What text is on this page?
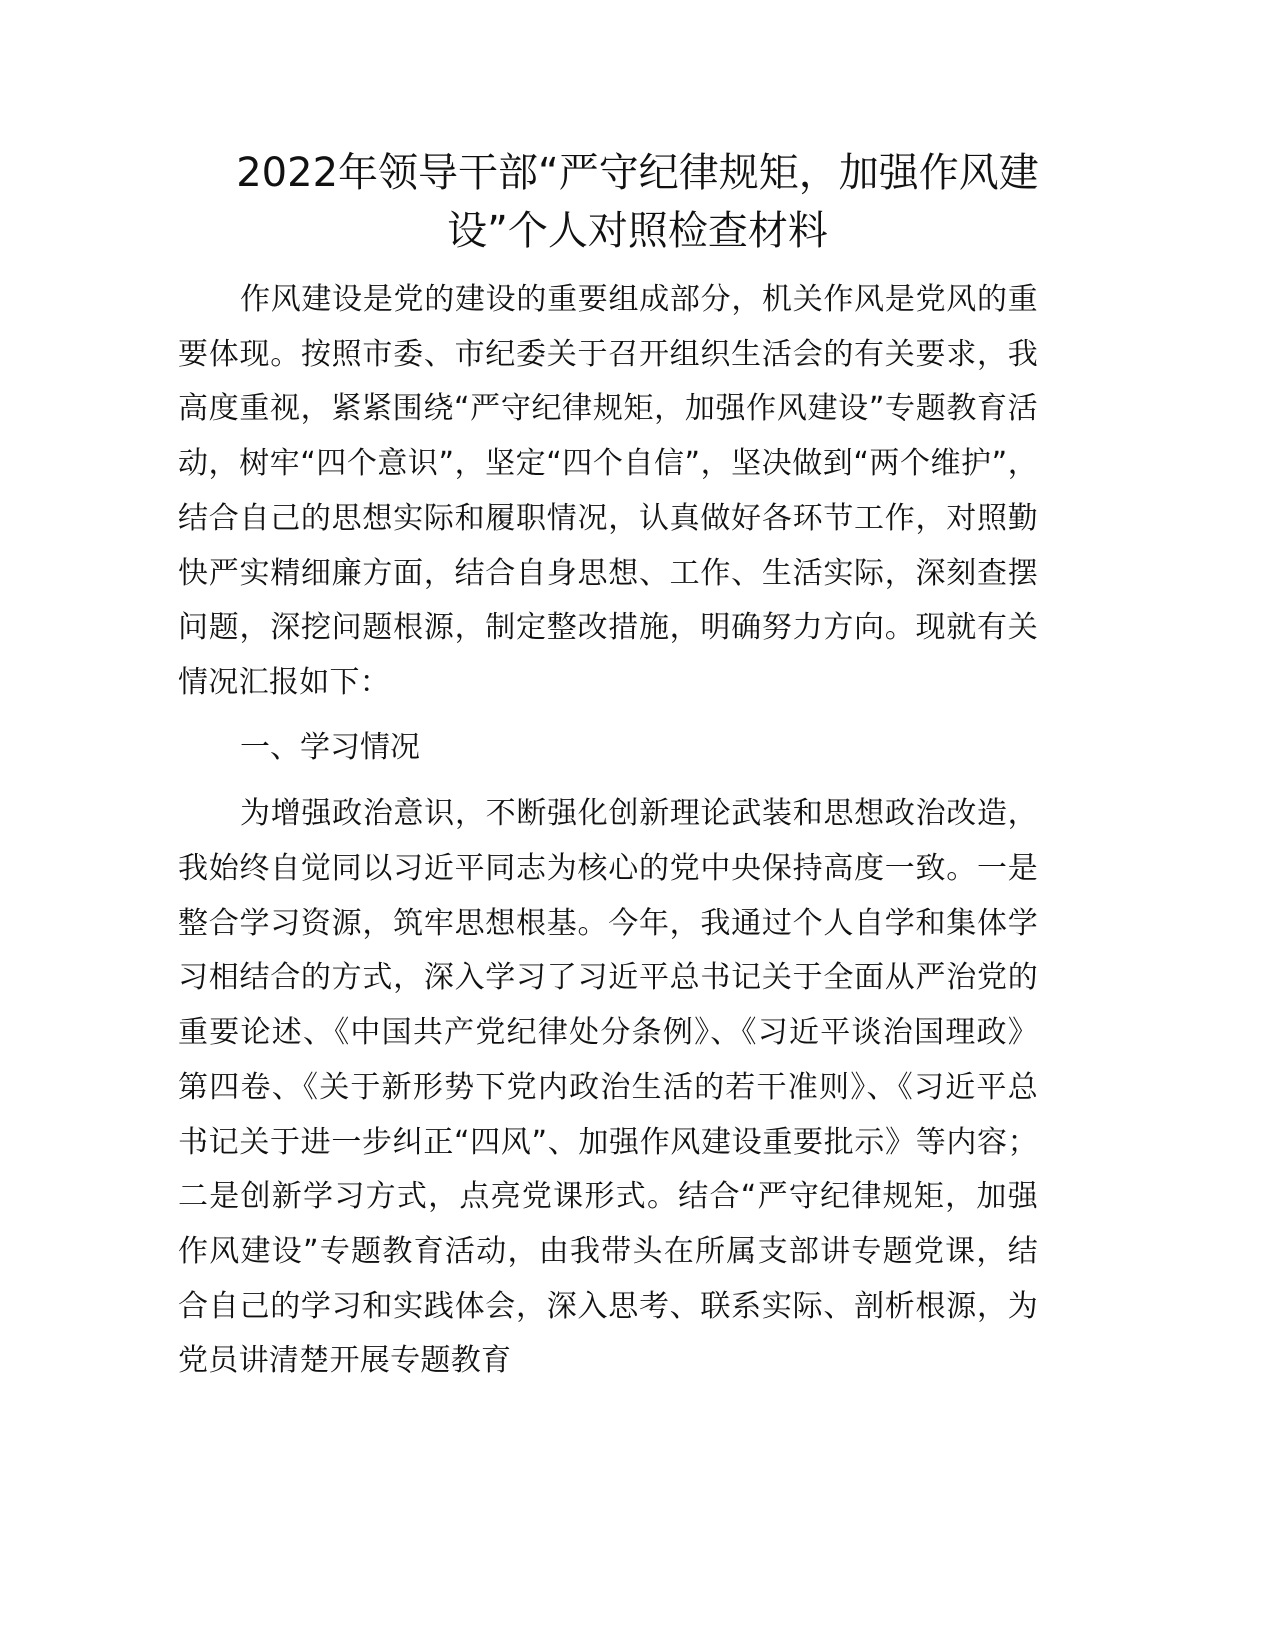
2022年领导干部“严守纪律规矩，加强作风建
设”个人对照检查材料

作风建设是党的建设的重要组成部分，机关作风是党风的重要体现。按照市委、市纪委关于召开组织生活会的有关要求，我高度重视，紧紧围绕“严守纪律规矩，加强作风建设”专题教育活动，树牢“四个意识”，坚定“四个自信”，坚决做到“两个维护”，结合自己的思想实际和履职情况，认真做好各环节工作，对照勤快严实精细廉方面，结合自身思想、工作、生活实际，深刻查摆问题，深挖问题根源，制定整改措施，明确努力方向。现就有关情况汇报如下：

一、学习情况

为增强政治意识，不断强化创新理论武装和思想政治改造，我始终自觉同以习近平同志为核心的党中央保持高度一致。一是整合学习资源，筑牢思想根基。今年，我通过个人自学和集体学习相结合的方式，深入学习了习近平总书记关于全面从严治党的重要论述、《中国共产党纪律处分条例》、《习近平谈治国理政》第四卷、《关于新形势下党内政治生活的若干准则》、《习近平总书记关于进一步纠正“四风”、加强作风建设重要批示》等内容；二是创新学习方式，点亮党课形式。结合“严守纪律规矩，加强作风建设”专题教育活动，由我带头在所属支部讲专题党课，结合自己的学习和实践体会，深入思考、联系实际、剖析根源，为党员讲清楚开展专题教育
